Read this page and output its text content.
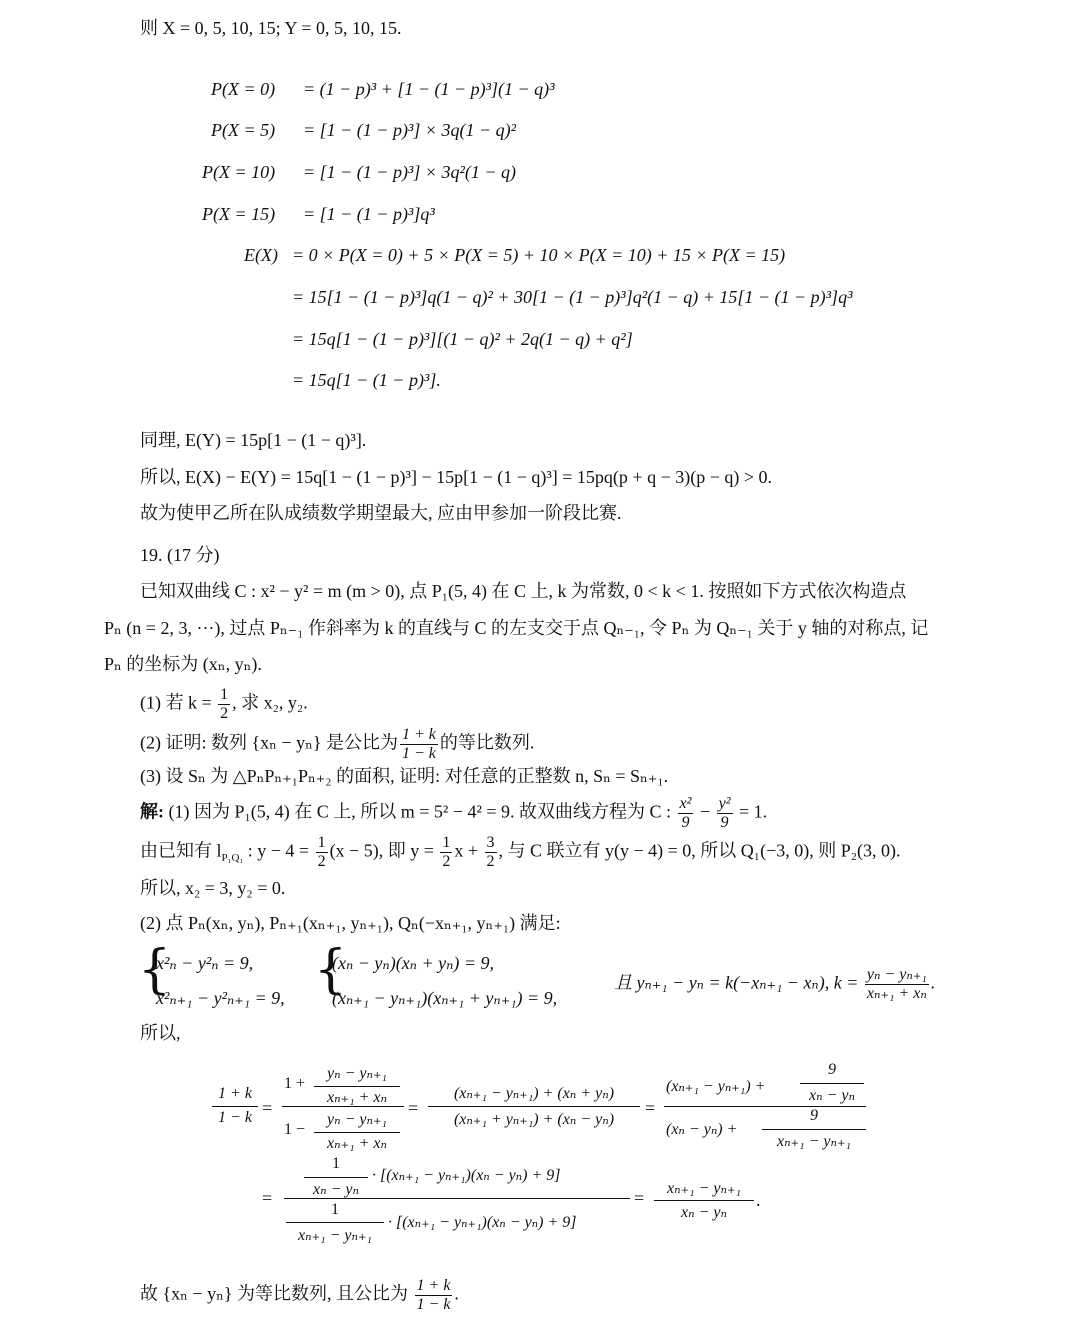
则 X = 0, 5, 10, 15; Y = 0, 5, 10, 15.
P(X = 0) = (1 − p)³ + [1 − (1 − p)³](1 − q)³
P(X = 5) = [1 − (1 − p)³] × 3q(1 − q)²
P(X = 10) = [1 − (1 − p)³] × 3q²(1 − q)
P(X = 15) = [1 − (1 − p)³]q³
E(X) = 0 × P(X = 0) + 5 × P(X = 5) + 10 × P(X = 10) + 15 × P(X = 15)
= 15[1 − (1 − p)³]q(1 − q)² + 30[1 − (1 − p)³]q²(1 − q) + 15[1 − (1 − p)³]q³
= 15q[1 − (1 − p)³][(1 − q)² + 2q(1 − q) + q²]
= 15q[1 − (1 − p)³].
同理, E(Y) = 15p[1 − (1 − q)³].
所以, E(X) − E(Y) = 15q[1 − (1 − p)³] − 15p[1 − (1 − q)³] = 15pq(p + q − 3)(p − q) > 0.
故为使甲乙所在队成绩数学期望最大, 应由甲参加一阶段比赛.
19. (17 分)
已知双曲线 C : x² − y² = m (m > 0), 点 P₁(5, 4) 在 C 上, k 为常数, 0 < k < 1. 按照如下方式依次构造点
Pₙ (n = 2, 3, ···), 过点 Pₙ₋₁ 作斜率为 k 的直线与 C 的左支交于点 Qₙ₋₁, 令 Pₙ 为 Qₙ₋₁ 关于 y 轴的对称点, 记
Pₙ 的坐标为 (xₙ, yₙ).
(1) 若 $k = \frac{1}{2}$ , 求 x₂, y₂.
(2) 证明: 数列 {xₙ − yₙ} 是公比为 $\frac{1 + k}{1 - k}$ 的等比数列.
(3) 设 Sₙ 为 △PₙPₙ₊₁Pₙ₊₂ 的面积, 证明: 对任意的正整数 n, Sₙ = Sₙ₊₁.
解: (1) 因为 P₁(5, 4) 在 C 上, 所以 m = 5² − 4² = 9. 故双曲线方程为 C : $\frac{\text{x²}}{9} - \frac{\text{y²}}{9} = 1$.
由已知有 $l_{P_1Q_1}$ : $y - 4 = \frac{1}{2} (x - 5)$, 即 $y = \frac{1}{2}$ $x + \frac{3}{2}$ , 与 C 联立有 y(y − 4) = 0, 所以 Q₁(−3, 0), 则 P₂(3, 0).
所以, x₂ = 3, y₂ = 0.
(2) 点 Pₙ(xₙ, yₙ), Pₙ₊₁(xₙ₊₁, yₙ₊₁), Qₙ(−xₙ₊₁, yₙ₊₁) 满足:
{
x²ₙ − y²ₙ = 9,
x²ₙ₊₁ − y²ₙ₊₁ = 9, {
(xₙ − yₙ)(xₙ + yₙ) = 9,
(xₙ₊₁ − yₙ₊₁)(xₙ₊₁ + yₙ₊₁) = 9,
且 yₙ₊₁ − yₙ = k(−xₙ₊₁ − xₙ), $k = \frac{\text{yₙ − yₙ₊₁}}{\text{xₙ₊₁ + xₙ}}$ .
所以,
1 + k
1 − k =
1 +
yₙ − yₙ₊₁
xₙ₊₁ + xₙ
1 −
yₙ − yₙ₊₁
xₙ₊₁ + xₙ
=
(xₙ₊₁ − yₙ₊₁) + (xₙ + yₙ)
(xₙ₊₁ + yₙ₊₁) + (xₙ − yₙ)
=
(xₙ₊₁ − yₙ₊₁) +
9
xₙ − yₙ
(xₙ − yₙ) +
9
xₙ₊₁ − yₙ₊₁
=
1
xₙ − yₙ
· [(xₙ₊₁ − yₙ₊₁)(xₙ − yₙ) + 9]
1
xₙ₊₁ − yₙ₊₁
· [(xₙ₊₁ − yₙ₊₁)(xₙ − yₙ) + 9]
=	xₙ₊₁ − yₙ₊₁
xₙ − yₙ
.
故 {xₙ − yₙ} 为等比数列, 且公比为 $\frac{1 + k}{1 - k}$ .
